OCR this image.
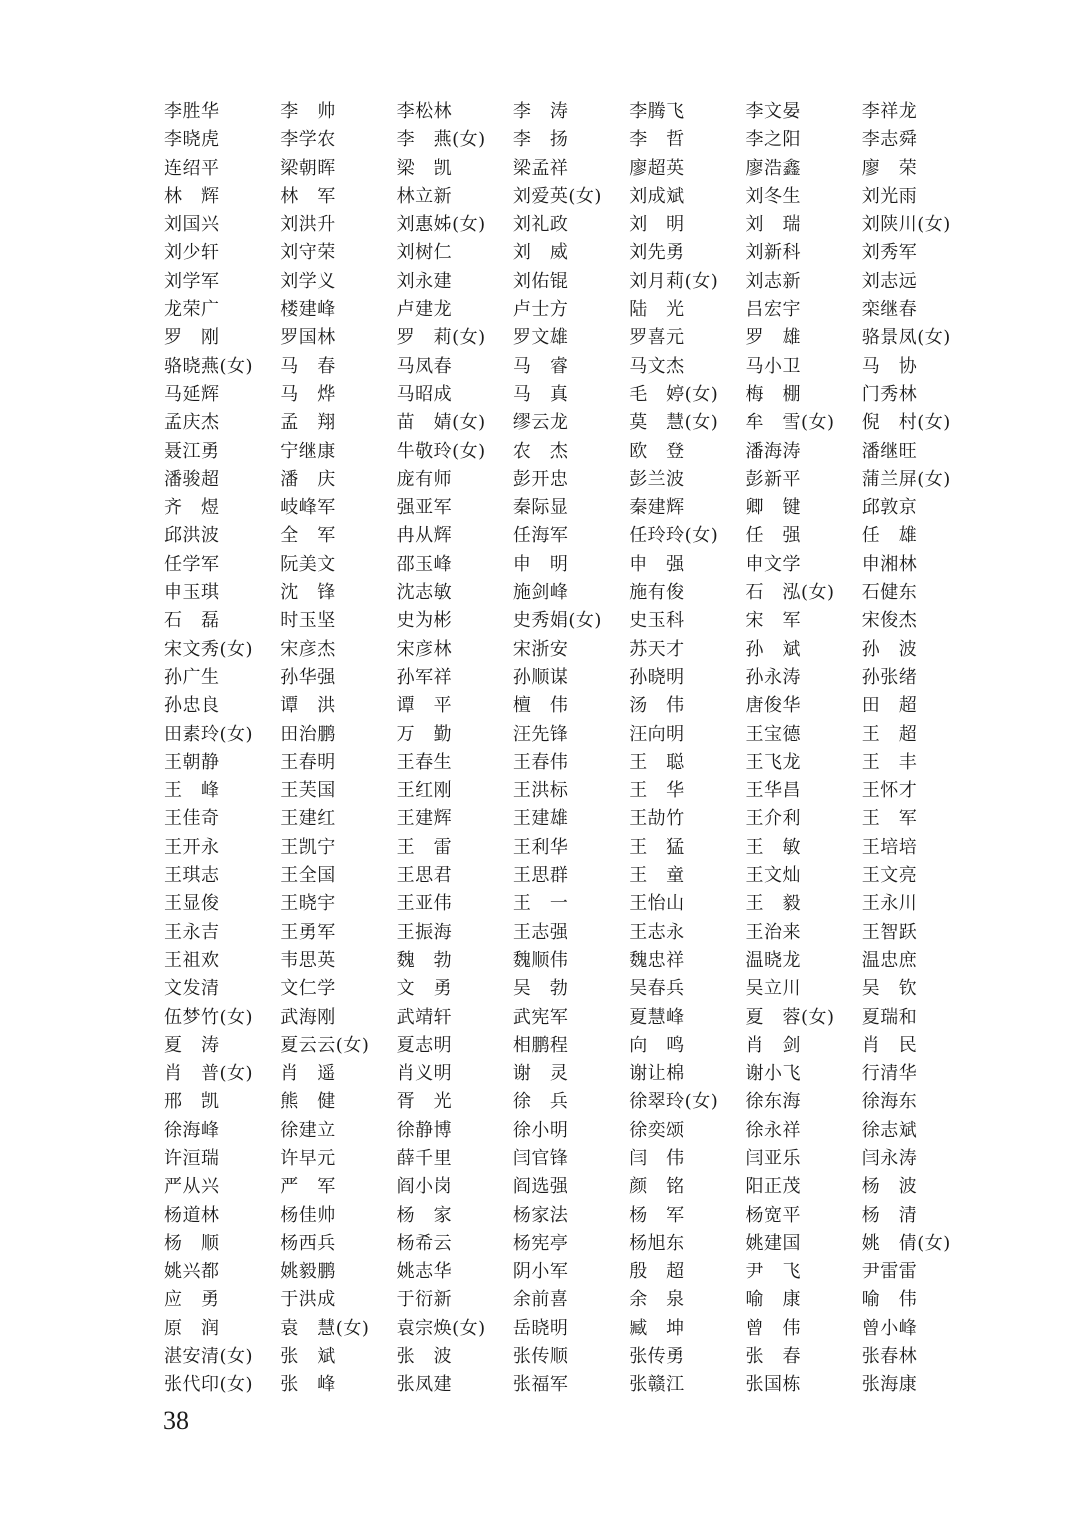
李胜华	李　帅	李松林	李　涛	李腾飞	李文晏	李祥龙
李晓虎	李学农	李　燕(女)	李　扬	李　哲	李之阳	李志舜
连绍平	梁朝晖	梁　凯	梁孟祥	廖超英	廖浩鑫	廖　荣
林　辉	林　军	林立新	刘爱英(女)	刘成斌	刘冬生	刘光雨
刘国兴	刘洪升	刘惠姊(女)	刘礼政	刘　明	刘　瑞	刘陕川(女)
刘少轩	刘守荣	刘树仁	刘　威	刘先勇	刘新科	刘秀军
刘学军	刘学义	刘永建	刘佑锟	刘月莉(女)	刘志新	刘志远
龙荣广	楼建峰	卢建龙	卢士方	陆　光	吕宏宇	栾继春
罗　刚	罗国林	罗　莉(女)	罗文雄	罗喜元	罗　雄	骆景凤(女)
骆晓燕(女)	马　春	马凤春	马　睿	马文杰	马小卫	马　协
马延辉	马　烨	马昭成	马　真	毛　婷(女)	梅　棚	门秀林
孟庆杰	孟　翔	苗　婧(女)	缪云龙	莫　慧(女)	牟　雪(女)	倪　村(女)
聂江勇	宁继康	牛敬玲(女)	农　杰	欧　登	潘海涛	潘继旺
潘骏超	潘　庆	庞有师	彭开忠	彭兰波	彭新平	蒲兰屏(女)
齐　煜	岐峰军	强亚军	秦际显	秦建辉	卿　键	邱敦京
邱洪波	全　军	冉从辉	任海军	任玲玲(女)	任　强	任　雄
任学军	阮美文	邵玉峰	申　明	申　强	申文学	申湘林
申玉琪	沈　锋	沈志敏	施剑峰	施有俊	石　泓(女)	石健东
石　磊	时玉坚	史为彬	史秀娟(女)	史玉科	宋　军	宋俊杰
宋文秀(女)	宋彦杰	宋彦林	宋浙安	苏天才	孙　斌	孙　波
孙广生	孙华强	孙军祥	孙顺谋	孙晓明	孙永涛	孙张绪
孙忠良	谭　洪	谭　平	檀　伟	汤　伟	唐俊华	田　超
田素玲(女)	田治鹏	万　勤	汪先锋	汪向明	王宝德	王　超
王朝静	王春明	王春生	王春伟	王　聪	王飞龙	王　丰
王　峰	王芙国	王红刚	王洪标	王　华	王华昌	王怀才
王佳奇	王建红	王建辉	王建雄	王劼竹	王介利	王　军
王开永	王凯宁	王　雷	王利华	王　猛	王　敏	王培培
王琪志	王全国	王思君	王思群	王　童	王文灿	王文亮
王显俊	王晓宇	王亚伟	王　一	王怡山	王　毅	王永川
王永吉	王勇军	王振海	王志强	王志永	王治来	王智跃
王祖欢	韦思英	魏　勃	魏顺伟	魏忠祥	温晓龙	温忠庶
文发清	文仁学	文　勇	吴　勃	吴春兵	吴立川	吴　钦
伍梦竹(女)	武海刚	武靖轩	武宪军	夏慧峰	夏　蓉(女)	夏瑞和
夏　涛	夏云云(女)	夏志明	相鹏程	向　鸣	肖　剑	肖　民
肖　普(女)	肖　遥	肖义明	谢　灵	谢让棉	谢小飞	行清华
邢　凯	熊　健	胥　光	徐　兵	徐翠玲(女)	徐东海	徐海东
徐海峰	徐建立	徐静博	徐小明	徐奕颂	徐永祥	徐志斌
许洹瑞	许早元	薛千里	闫官锋	闫　伟	闫亚乐	闫永涛
严从兴	严　军	阎小岗	阎选强	颜　铭	阳正茂	杨　波
杨道林	杨佳帅	杨　家	杨家法	杨　军	杨宽平	杨　清
杨　顺	杨西兵	杨希云	杨宪亭	杨旭东	姚建国	姚　倩(女)
姚兴都	姚毅鹏	姚志华	阴小军	殷　超	尹　飞	尹雷雷
应　勇	于洪成	于衍新	余前喜	余　泉	喻　康	喻　伟
原　润	袁　慧(女)	袁宗焕(女)	岳晓明	臧　坤	曾　伟	曾小峰
湛安清(女)	张　斌	张　波	张传顺	张传勇	张　春	张春林
张代印(女)	张　峰	张凤建	张福军	张赣江	张国栋	张海康
38
